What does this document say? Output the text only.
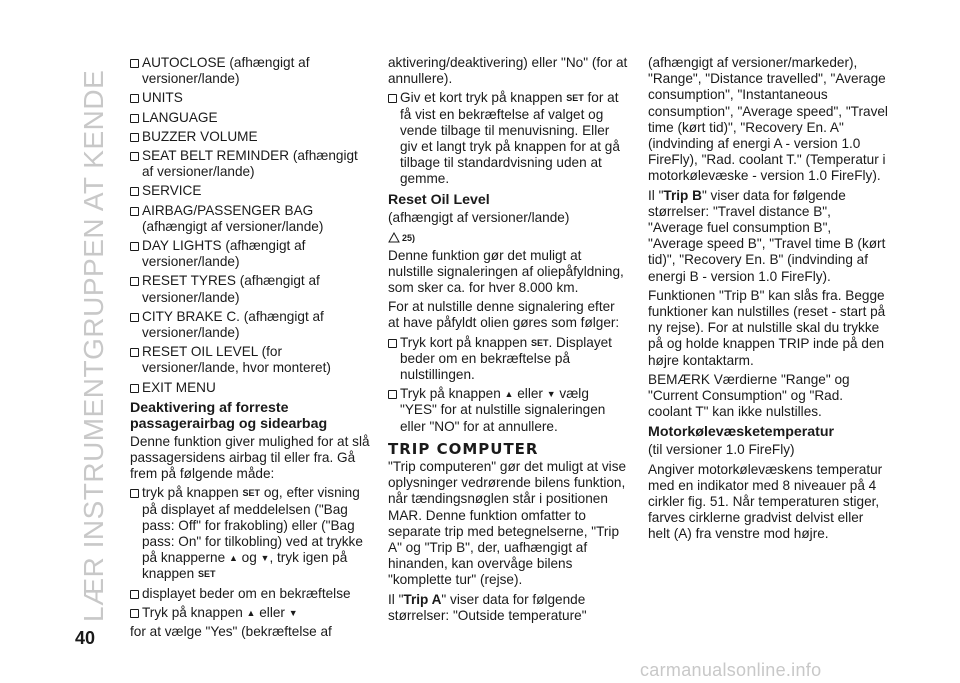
LÆR INSTRUMENTGRUPPEN AT KENDE

AUTOCLOSE (afhængigt af versioner/lande)

UNITS

LANGUAGE

BUZZER VOLUME

SEAT BELT REMINDER (afhængigt af versioner/lande)

SERVICE

AIRBAG/PASSENGER BAG (afhængigt af versioner/lande)

DAY LIGHTS (afhængigt af versioner/lande)

RESET TYRES (afhængigt af versioner/lande)

CITY BRAKE C. (afhængigt af versioner/lande)

RESET OIL LEVEL (for versioner/lande, hvor monteret)

EXIT MENU

Deaktivering af forreste passagerairbag og sidearbag

Denne funktion giver mulighed for at slå passagersidens airbag til eller fra. Gå frem på følgende måde:

tryk på knappen SET og, efter visning på displayet af meddelelsen ("Bag pass: Off" for frakobling) eller ("Bag pass: On" for tilkobling) ved at trykke på knapperne ▲ og ▼, tryk igen på knappen SET

displayet beder om en bekræftelse

Tryk på knappen ▲ eller ▼

for at vælge "Yes" (bekræftelse af

aktivering/deaktivering) eller "No" (for at annullere).

Giv et kort tryk på knappen SET for at få vist en bekræftelse af valget og vende tilbage til menuvisning. Eller giv et langt tryk på knappen for at gå tilbage til standardvisning uden at gemme.

Reset Oil Level

(afhængigt af versioner/lande)

25)

Denne funktion gør det muligt at nulstille signaleringen af oliepåfyldning, som sker ca. for hver 8.000 km.

For at nulstille denne signalering efter at have påfyldt olien gøres som følger:

Tryk kort på knappen SET. Displayet beder om en bekræftelse på nulstillingen.

Tryk på knappen ▲ eller ▼ vælg "YES" for at nulstille signaleringen eller "NO" for at annullere.

TRIP COMPUTER

"Trip computeren" gør det muligt at vise oplysninger vedrørende bilens funktion, når tændingsnøglen står i positionen MAR. Denne funktion omfatter to separate trip med betegnelserne, "Trip A" og "Trip B", der, uafhængigt af hinanden, kan overvåge bilens "komplette tur" (rejse).

Il "Trip A" viser data for følgende størrelser: "Outside temperature"

(afhængigt af versioner/markeder), "Range", "Distance travelled", "Average consumption", "Instantaneous consumption", "Average speed", "Travel time (kørt tid)", "Recovery En. A" (indvinding af energi A - version 1.0 FireFly), "Rad. coolant T." (Temperatur i motorkølevæske - version 1.0 FireFly).

Il "Trip B" viser data for følgende størrelser: "Travel distance B", "Average fuel consumption B", "Average speed B", "Travel time B (kørt tid)", "Recovery En. B" (indvinding af energi B - version 1.0 FireFly).

Funktionen "Trip B" kan slås fra. Begge funktioner kan nulstilles (reset - start på ny rejse). For at nulstille skal du trykke på og holde knappen TRIP inde på den højre kontaktarm.

BEMÆRK Værdierne "Range" og "Current Consumption" og "Rad. coolant T" kan ikke nulstilles.

Motorkølevæsketemperatur

(til versioner 1.0 FireFly)

Angiver motorkølevæskens temperatur med en indikator med 8 niveauer på 4 cirkler fig. 51. Når temperaturen stiger, farves cirklerne gradvist delvist eller helt (A) fra venstre mod højre.

40
carmanualsonline.info
